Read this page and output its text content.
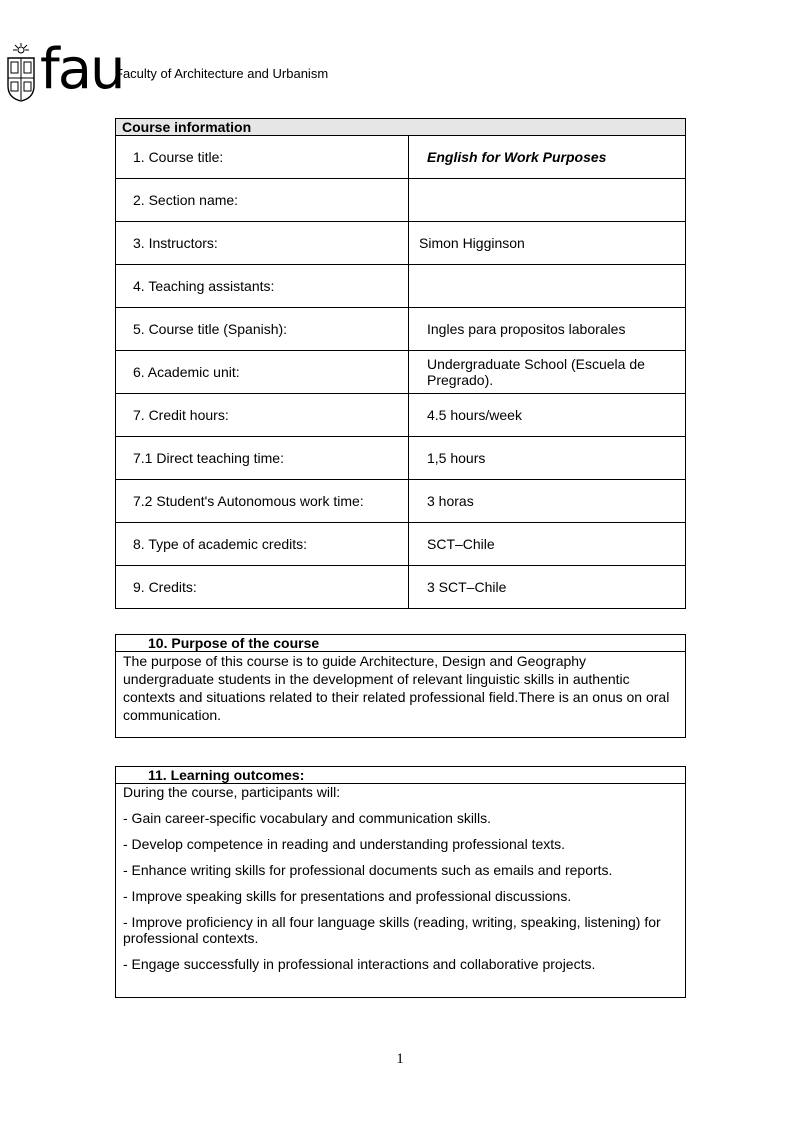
fau
Faculty of Architecture and Urbanism
Course information	
1. Course title:	English for Work Purposes
2. Section name:	
3. Instructors:	Simon Higginson
4. Teaching assistants:	
5. Course title (Spanish):	Ingles para propositos laborales
6. Academic unit:	Undergraduate School (Escuela de Pregrado).
7. Credit hours:	4.5 hours/week
7.1 Direct teaching time:	1,5 hours
7.2 Student's Autonomous work time:	3 horas
8. Type of academic credits:	SCT–Chile
9. Credits:	3 SCT–Chile
10. Purpose of the course
The purpose of this course is to guide Architecture, Design and Geography undergraduate students in the development of relevant linguistic skills in authentic contexts and situations related to their related professional field.There is an onus on oral communication.
11. Learning outcomes:

During the course, participants will:

- Gain career-specific vocabulary and communication skills.

- Develop competence in reading and understanding professional texts.

- Enhance writing skills for professional documents such as emails and reports.

- Improve speaking skills for presentations and professional discussions.

- Improve proficiency in all four language skills (reading, writing, speaking, listening) for professional contexts.

- Engage successfully in professional interactions and collaborative projects.

1
